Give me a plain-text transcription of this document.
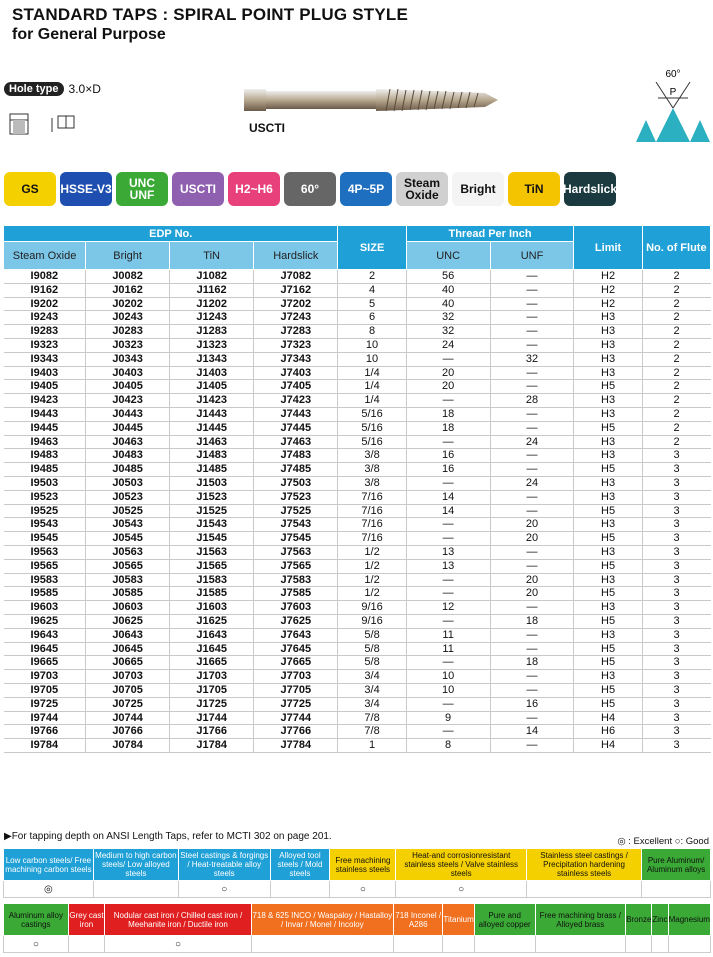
STANDARD TAPS : SPIRAL POINT PLUG STYLE
for General Purpose
Hole type 3.0×D
USCTI
60°
P
GS	HSSE-V3	UNC
UNF	USCTI	H2~H6	60°	4P~5P	Steam
Oxide	Bright	TiN	Hardslick
EDP No.				SIZE	Thread Per Inch		Limit	No. of Flute
Steam Oxide	Bright	TiN	Hardslick		UNC	UNF		
I9082	J0082	J1082	J7082	2	56	—	H2	2
I9162	J0162	J1162	J7162	4	40	—	H2	2
I9202	J0202	J1202	J7202	5	40	—	H2	2
I9243	J0243	J1243	J7243	6	32	—	H3	2
I9283	J0283	J1283	J7283	8	32	—	H3	2
I9323	J0323	J1323	J7323	10	24	—	H3	2
I9343	J0343	J1343	J7343	10	—	32	H3	2
I9403	J0403	J1403	J7403	1/4	20	—	H3	2
I9405	J0405	J1405	J7405	1/4	20	—	H5	2
I9423	J0423	J1423	J7423	1/4	—	28	H3	2
I9443	J0443	J1443	J7443	5/16	18	—	H3	2
I9445	J0445	J1445	J7445	5/16	18	—	H5	2
I9463	J0463	J1463	J7463	5/16	—	24	H3	2
I9483	J0483	J1483	J7483	3/8	16	—	H3	3
I9485	J0485	J1485	J7485	3/8	16	—	H5	3
I9503	J0503	J1503	J7503	3/8	—	24	H3	3
I9523	J0523	J1523	J7523	7/16	14	—	H3	3
I9525	J0525	J1525	J7525	7/16	14	—	H5	3
I9543	J0543	J1543	J7543	7/16	—	20	H3	3
I9545	J0545	J1545	J7545	7/16	—	20	H5	3
I9563	J0563	J1563	J7563	1/2	13	—	H3	3
I9565	J0565	J1565	J7565	1/2	13	—	H5	3
I9583	J0583	J1583	J7583	1/2	—	20	H3	3
I9585	J0585	J1585	J7585	1/2	—	20	H5	3
I9603	J0603	J1603	J7603	9/16	12	—	H3	3
I9625	J0625	J1625	J7625	9/16	—	18	H5	3
I9643	J0643	J1643	J7643	5/8	11	—	H3	3
I9645	J0645	J1645	J7645	5/8	11	—	H5	3
I9665	J0665	J1665	J7665	5/8	—	18	H5	3
I9703	J0703	J1703	J7703	3/4	10	—	H3	3
I9705	J0705	J1705	J7705	3/4	10	—	H5	3
I9725	J0725	J1725	J7725	3/4	—	16	H5	3
I9744	J0744	J1744	J7744	7/8	9	—	H4	3
I9766	J0766	J1766	J7766	7/8	—	14	H6	3
I9784	J0784	J1784	J7784	1	8	—	H4	3
▶For tapping depth on ANSI Length Taps, refer to MCTI 302 on page 201.	◎ : Excellent ○: Good
Low carbon steels/ Free machining carbon steels	Medium to high carbon steels/ Low alloyed steels	Steel castings & forgings / Heat-treatable alloy steels	Alloyed tool steels / Mold steels	Free machining stainless steels	Heat-and corrosionresistant stainless steels / Valve stainless steels	Stainless steel castings / Precipitation hardening stainless steels	Pure Aluminum/ Aluminum alloys
◎		○		○	○		
Aluminum alloy castings	Grey cast iron	Nodular cast iron / Chilled cast iron / Meehanite iron / Ductile iron	718 & 625 INCO / Waspaloy / Hastalloy / Invar / Monel / Incoloy	718 Inconel / A286	Titanium	Pure and alloyed copper	Free machining brass / Alloyed brass	Bronze	Zinc	Magnesium
○		○								
